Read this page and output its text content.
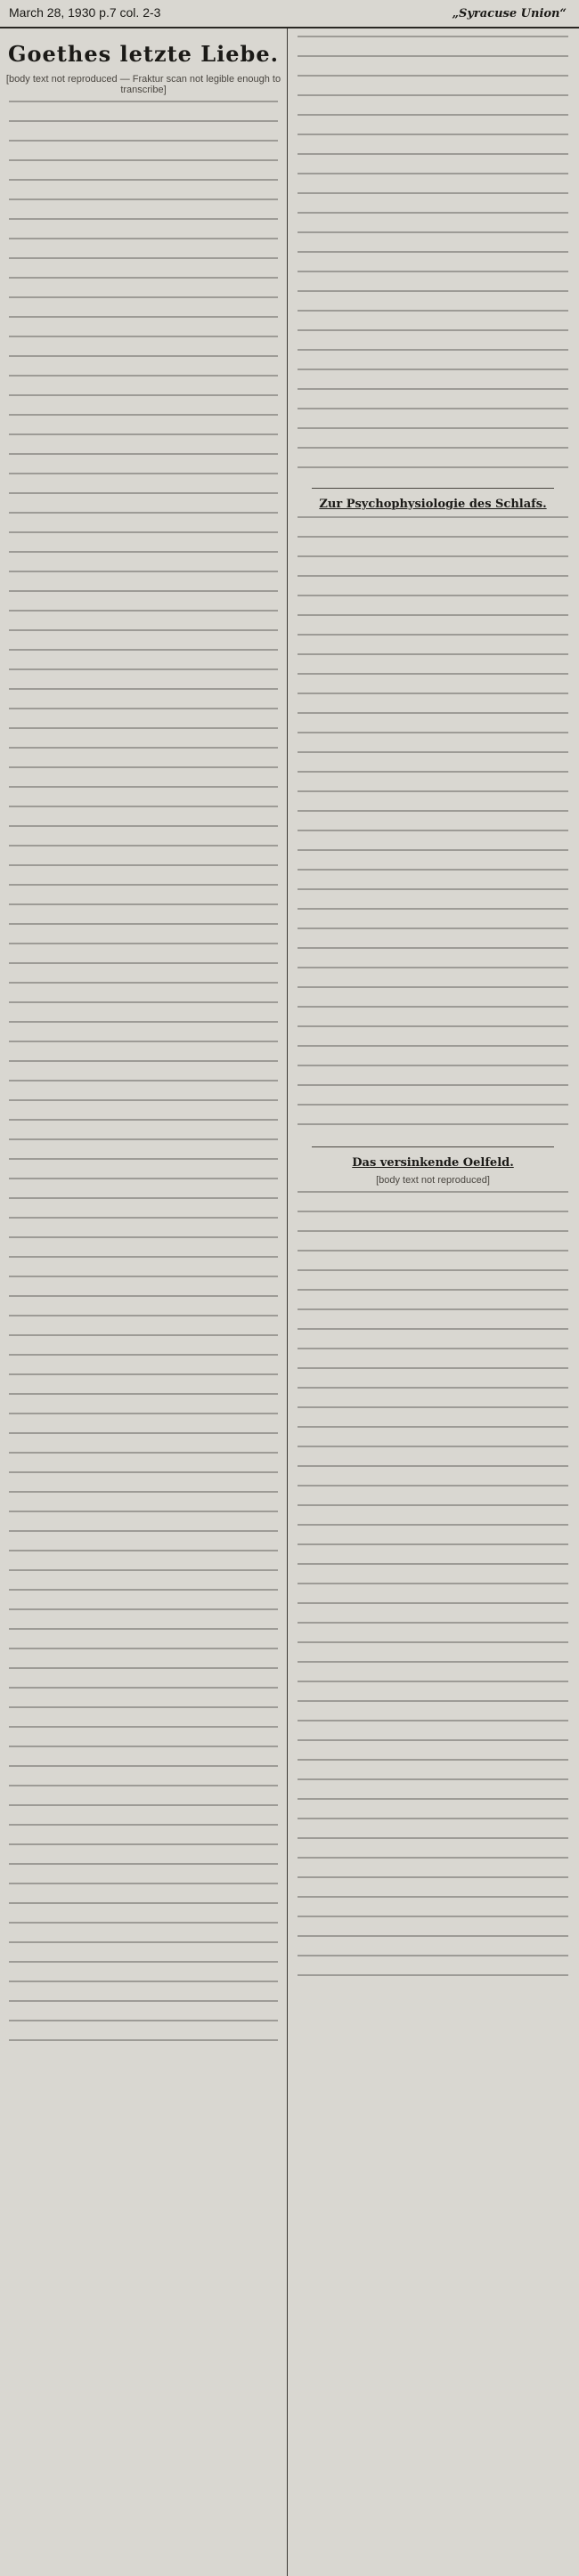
March 28, 1930 p.7 col. 2-3	„Syracuse Union“
Goethes letzte Liebe.
[body text not reproduced — Fraktur scan not legible enough to transcribe]
Zur Psychophysiologie des Schlafs.
Das versinkende Oelfeld.
[body text not reproduced]
